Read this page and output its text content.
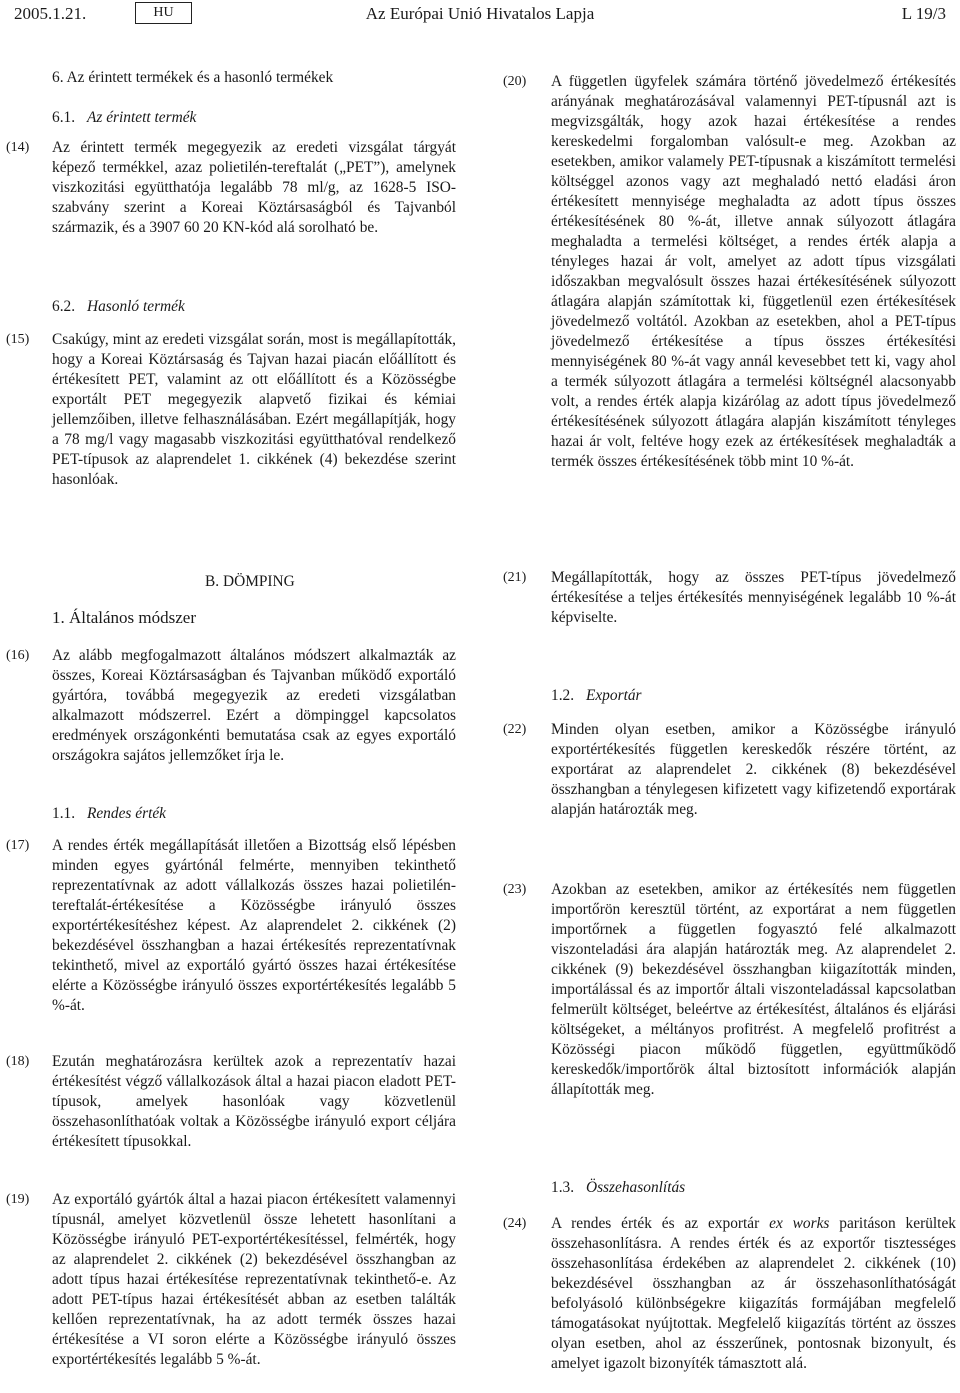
2005.1.21.	HU	Az Európai Unió Hivatalos Lapja	L 19/3
6. Az érintett termékek és a hasonló termékek
6.1. Az érintett termék
(14) Az érintett termék megegyezik az eredeti vizsgálat tárgyát képező termékkel, azaz polietilén-tereftalát („PET”), amelynek viszkozitási együtthatója legalább 78 ml/g, az 1628-5 ISO-szabvány szerint a Koreai Köztársaságból és Tajvanból származik, és a 3907 60 20 KN-kód alá sorolható be.
6.2. Hasonló termék
(15) Csakúgy, mint az eredeti vizsgálat során, most is megállapították, hogy a Koreai Köztársaság és Tajvan hazai piacán előállított és értékesített PET, valamint az ott előállított és a Közösségbe exportált PET megegyezik alapvető fizikai és kémiai jellemzőiben, illetve felhasználásában. Ezért megállapítják, hogy a 78 mg/l vagy magasabb viszkozitási együtthatóval rendelkező PET-típusok az alaprendelet 1. cikkének (4) bekezdése szerint hasonlóak.
B. DÖMPING
1. Általános módszer
(16) Az alább megfogalmazott általános módszert alkalmazták az összes, Koreai Köztársaságban és Tajvanban működő exportáló gyártóra, továbbá megegyezik az eredeti vizsgálatban alkalmazott módszerrel. Ezért a dömpinggel kapcsolatos eredmények országonkénti bemutatása csak az egyes exportáló országokra sajátos jellemzőket írja le.
1.1. Rendes érték
(17) A rendes érték megállapítását illetően a Bizottság első lépésben minden egyes gyártónál felmérte, mennyiben tekinthető reprezentatívnak az adott vállalkozás összes hazai polietilén-tereftalát-értékesítése a Közösségbe irányuló összes exportértékesítéshez képest. Az alaprendelet 2. cikkének (2) bekezdésével összhangban a hazai értékesítés reprezentatívnak tekinthető, mivel az exportáló gyártó összes hazai értékesítése elérte a Közösségbe irányuló összes exportértékesítés legalább 5 %-át.
(18) Ezután meghatározásra kerültek azok a reprezentatív hazai értékesítést végző vállalkozások által a hazai piacon eladott PET-típusok, amelyek hasonlóak vagy közvetlenül összehasonlíthatóak voltak a Közösségbe irányuló export céljára értékesített típusokkal.
(19) Az exportáló gyártók által a hazai piacon értékesített valamennyi típusnál, amelyet közvetlenül össze lehetett hasonlítani a Közösségbe irányuló PET-exportértékesítéssel, felmérték, hogy az alaprendelet 2. cikkének (2) bekezdésével összhangban az adott típus hazai értékesítése reprezentatívnak tekinthető-e. Az adott PET-típus hazai értékesítését abban az esetben találták kellően reprezentatívnak, ha az adott termék összes hazai értékesítése a VI soron elérte a Közösségbe irányuló összes exportértékesítés legalább 5 %-át.
(20) A független ügyfelek számára történő jövedelmező értékesítés arányának meghatározásával valamennyi PET-típusnál azt is megvizsgálták, hogy azok hazai értékesítése a rendes kereskedelmi forgalomban valósult-e meg. Azokban az esetekben, amikor valamely PET-típusnak a kiszámított termelési költséggel azonos vagy azt meghaladó nettó eladási áron értékesített mennyisége meghaladta az adott típus összes értékesítésének 80 %-át, illetve annak súlyozott átlagára meghaladta a termelési költséget, a rendes érték alapja a tényleges hazai ár volt, amelyet az adott típus vizsgálati időszakban megvalósult összes hazai értékesítésének súlyozott átlagára alapján számítottak ki, függetlenül ezen értékesítések jövedelmező voltától. Azokban az esetekben, ahol a PET-típus jövedelmező értékesítése a típus összes értékesítési mennyiségének 80 %-át vagy annál kevesebbet tett ki, vagy ahol a termék súlyozott átlagára a termelési költségnél alacsonyabb volt, a rendes érték alapja kizárólag az adott típus jövedelmező értékesítésének súlyozott átlagára alapján kiszámított tényleges hazai ár volt, feltéve hogy ezek az értékesítések meghaladták a termék összes értékesítésének több mint 10 %-át.
(21) Megállapították, hogy az összes PET-típus jövedelmező értékesítése a teljes értékesítés mennyiségének legalább 10 %-át képviselte.
1.2. Exportár
(22) Minden olyan esetben, amikor a Közösségbe irányuló exportértékesítés független kereskedők részére történt, az exportárat az alaprendelet 2. cikkének (8) bekezdésével összhangban a ténylegesen kifizetett vagy kifizetendő exportárak alapján határozták meg.
(23) Azokban az esetekben, amikor az értékesítés nem független importőrön keresztül történt, az exportárat a nem független importőrnek a független fogyasztó felé alkalmazott viszonteladási ára alapján határozták meg. Az alaprendelet 2. cikkének (9) bekezdésével összhangban kiigazították minden, importálással és az importőr általi viszonteladással kapcsolatban felmerült költséget, beleértve az értékesítést, általános és eljárási költségeket, a méltányos profitrést. A megfelelő profitrést a Közösségi piacon működő független, együttműködő kereskedők/importőrök által biztosított információk alapján állapították meg.
1.3. Összehasonlítás
(24) A rendes érték és az exportár ex works paritáson kerültek összehasonlításra. A rendes érték és az exportőr tisztességes összehasonlítása érdekében az alaprendelet 2. cikkének (10) bekezdésével összhangban az ár összehasonlíthatóságát befolyásoló különbségekre kiigazítás formájában megfelelő támogatásokat nyújtottak. Megfelelő kiigazítás történt az összes olyan esetben, ahol az ésszerűnek, pontosnak bizonyult, és amelyet igazolt bizonyíték támasztott alá.
